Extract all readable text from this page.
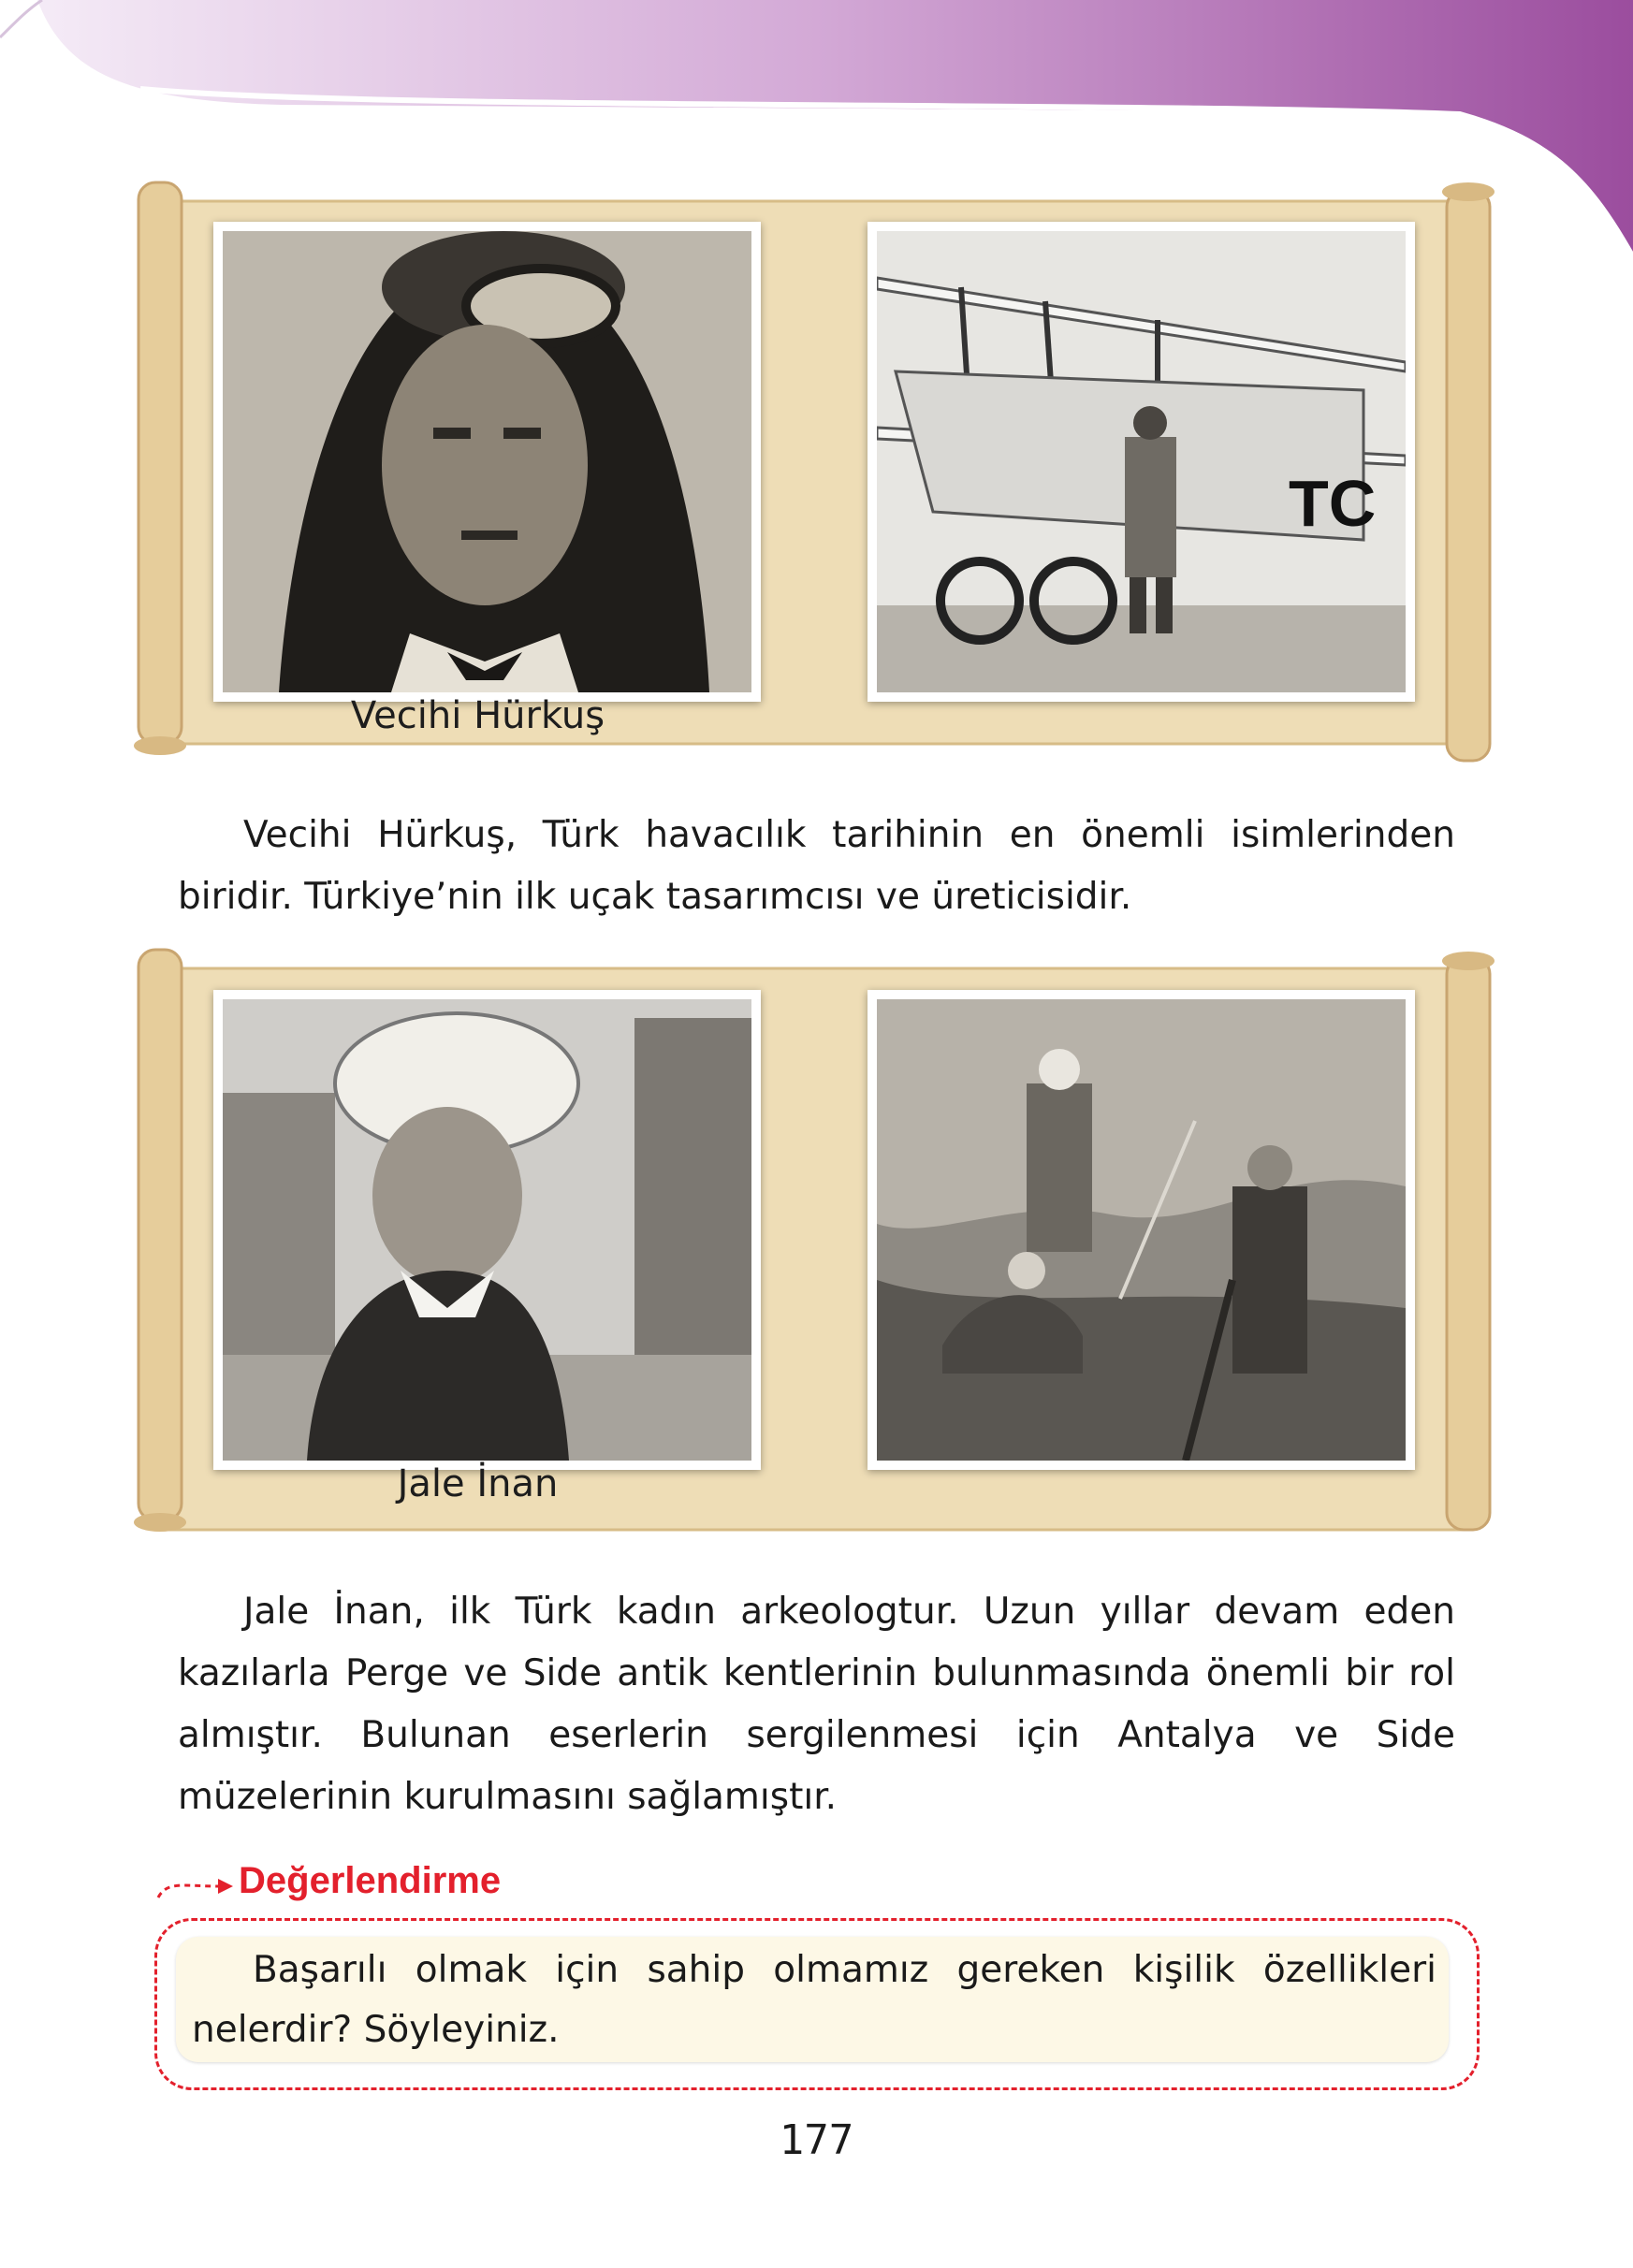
TC
Vecihi Hürkuş
Vecihi Hürkuş, Türk havacılık tarihinin en önemli isimlerinden biridir. Türkiye’nin ilk uçak tasarımcısı ve üreticisidir.
Jale İnan
Jale İnan, ilk Türk kadın arkeologtur. Uzun yıllar devam eden kazılarla Perge ve Side antik kentlerinin bulunmasında önemli bir rol almıştır. Bulunan eserlerin sergilenmesi için Antalya ve Side müzelerinin kurulmasını sağlamıştır.
Değerlendirme
Başarılı olmak için sahip olmamız gereken kişilik özellikleri nelerdir? Söyleyiniz.
177
